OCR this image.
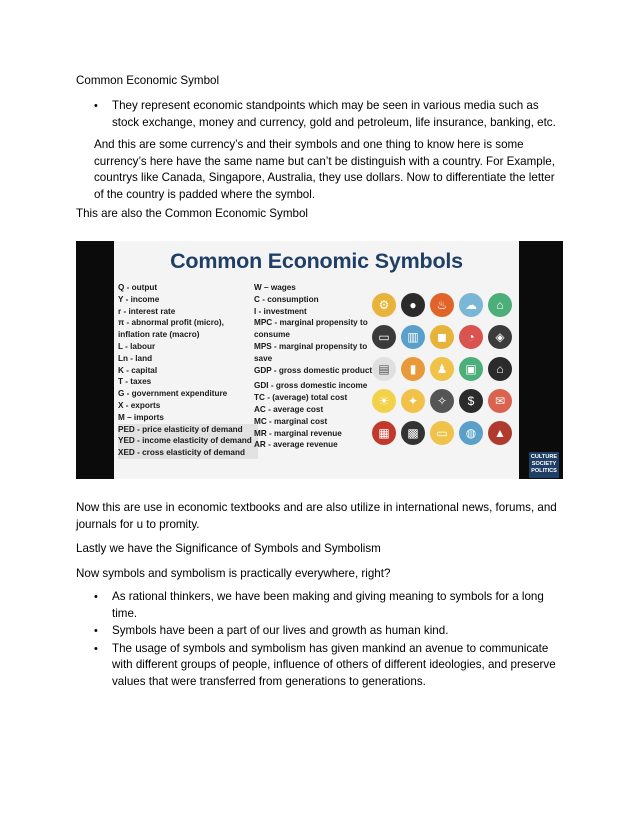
Common Economic Symbol

• They represent economic standpoints which may be seen in various media such as stock exchange, money and currency, gold and petroleum, life insurance, banking, etc.

And this are some currency’s and their symbols and one thing to know here is some currency’s here have the same name but can’t be distinguish with a country. For Example, countrys like Canada, Singapore, Australia, they use dollars. Now to differentiate the letter of the country is padded where the symbol.

This are also the Common Economic Symbol

Common Economic Symbols
Q - output
Y - income
r - interest rate
π - abnormal profit (micro),
inflation rate (macro)
L - labour
Ln - land
K - capital
T - taxes
G - government expenditure
X - exports
M – imports
PED - price elasticity of demand
YED - income elasticity of demand
XED - cross elasticity of demand
W – wages
C - consumption
I - investment
MPC - marginal propensity to
consume
MPS - marginal propensity to
save
GDP - gross domestic product
GDI - gross domestic income
TC - (average) total cost
AC - average cost
MC - marginal cost
MR - marginal revenue
AR - average revenue
⚙	●	♨	☁	⌂
▭	▥	◼	◔	◈
▤	▮	♟	▣	⌂
☀	✦	✧	$	✉
▦	▩	▭	◍	▲
CULTURE
SOCIETY
POLITICS

Now this are use in economic textbooks and are also utilize in international news, forums, and journals for u to promity.

Lastly we have the Significance of Symbols and Symbolism

Now symbols and symbolism is practically everywhere, right?

• As rational thinkers, we have been making and giving meaning to symbols for a long time.
• Symbols have been a part of our lives and growth as human kind.
• The usage of symbols and symbolism has given mankind an avenue to communicate with different groups of people, influence of others of different ideologies, and preserve values that were transferred from generations to generations.
